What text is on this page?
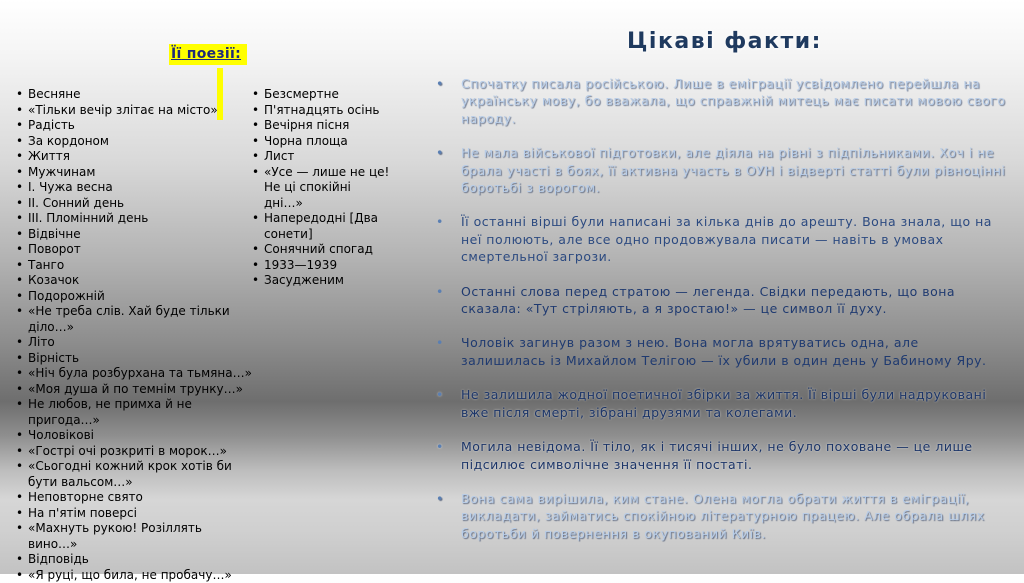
Її поезії:
• Весняне
• «Тільки вечір злітає на місто»
• Радість
• За кордоном
• Життя
• Мужчинам
• I. Чужа весна
• II. Сонний день
• III. Пломінний день
• Відвічне
• Поворот
• Танго
• Козачок
• Подорожній
• «Не треба слів. Хай буде тільки діло…»
• Літо
• Вірність
• «Ніч була розбурхана та тьмяна…»
• «Моя душа й по темнім трунку…»
• Не любов, не примха й не пригода…»
• Чоловікові
• «Гострі очі розкриті в морок…»
• «Сьогодні кожний крок хотів би бути вальсом…»
• Неповторне свято
• На п'ятім поверсі
• «Махнуть рукою! Розіллять вино…»
• Відповідь
• «Я руці, що била, не пробачу…»
• Безсмертне
• П'ятнадцять осінь
• Вечірня пісня
• Чорна площа
• Лист
• «Усе — лише не це! Не ці спокійні дні…»
• Напередодні [Два сонети]
• Сонячний спогад
• 1933—1939
• Засудженим
Цікаві факти:
• Спочатку писала російською. Лише в еміграції усвідомлено перейшла на українську мову, бо вважала, що справжній митець має писати мовою свого народу.
• Не мала військової підготовки, але діяла на рівні з підпільниками. Хоч і не брала участі в боях, її активна участь в ОУН і відверті статті були рівноцінні боротьбі з ворогом.
• Її останні вірші були написані за кілька днів до арешту. Вона знала, що на неї полюють, але все одно продовжувала писати — навіть в умовах смертельної загрози.
• Останні слова перед стратою — легенда. Свідки передають, що вона сказала: «Тут стріляють, а я зростаю!» — це символ її духу.
• Чоловік загинув разом з нею. Вона могла врятуватись одна, але залишилась із Михайлом Телігою — їх убили в один день у Бабиному Яру.
• Не залишила жодної поетичної збірки за життя. Її вірші були надруковані вже після смерті, зібрані друзями та колегами.
• Могила невідома. Її тіло, як і тисячі інших, не було поховане — це лише підсилює символічне значення її постаті.
• Вона сама вирішила, ким стане. Олена могла обрати життя в еміграції, викладати, займатись спокійною літературною працею. Але обрала шлях боротьби й повернення в окупований Київ.
